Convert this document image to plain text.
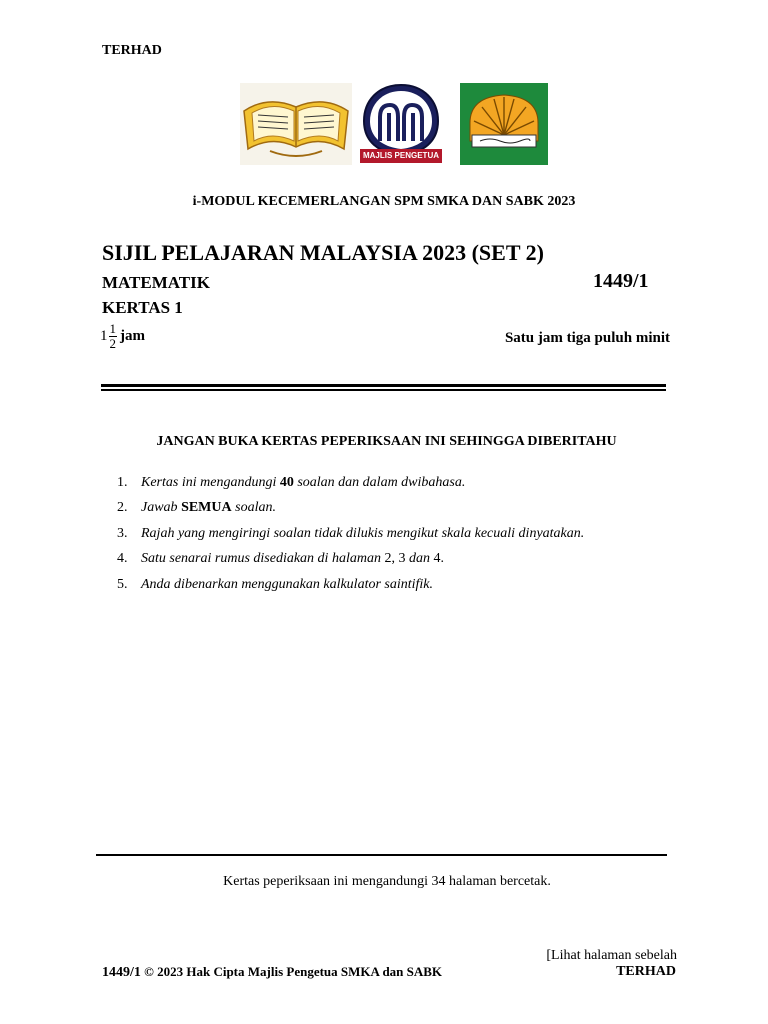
TERHAD
MAJLIS PENGETUA SMKA
i-MODUL KECEMERLANGAN SPM SMKA DAN SABK 2023
SIJIL PELAJARAN MALAYSIA 2023 (SET 2)
MATEMATIK	1449/1
KERTAS 1
$1 \frac{1}{2}$ jam	Satu jam tiga puluh minit
JANGAN BUKA KERTAS PEPERIKSAAN INI SEHINGGA DIBERITAHU
1. Kertas ini mengandungi 40 soalan dan dalam dwibahasa.
2. Jawab SEMUA soalan.
3. Rajah yang mengiringi soalan tidak dilukis mengikut skala kecuali dinyatakan.
4. Satu senarai rumus disediakan di halaman 2, 3 dan 4.
5. Anda dibenarkan menggunakan kalkulator saintifik.
Kertas peperiksaan ini mengandungi 34 halaman bercetak.
[Lihat halaman sebelah
1449/1 © 2023 Hak Cipta Majlis Pengetua SMKA dan SABK	TERHAD
